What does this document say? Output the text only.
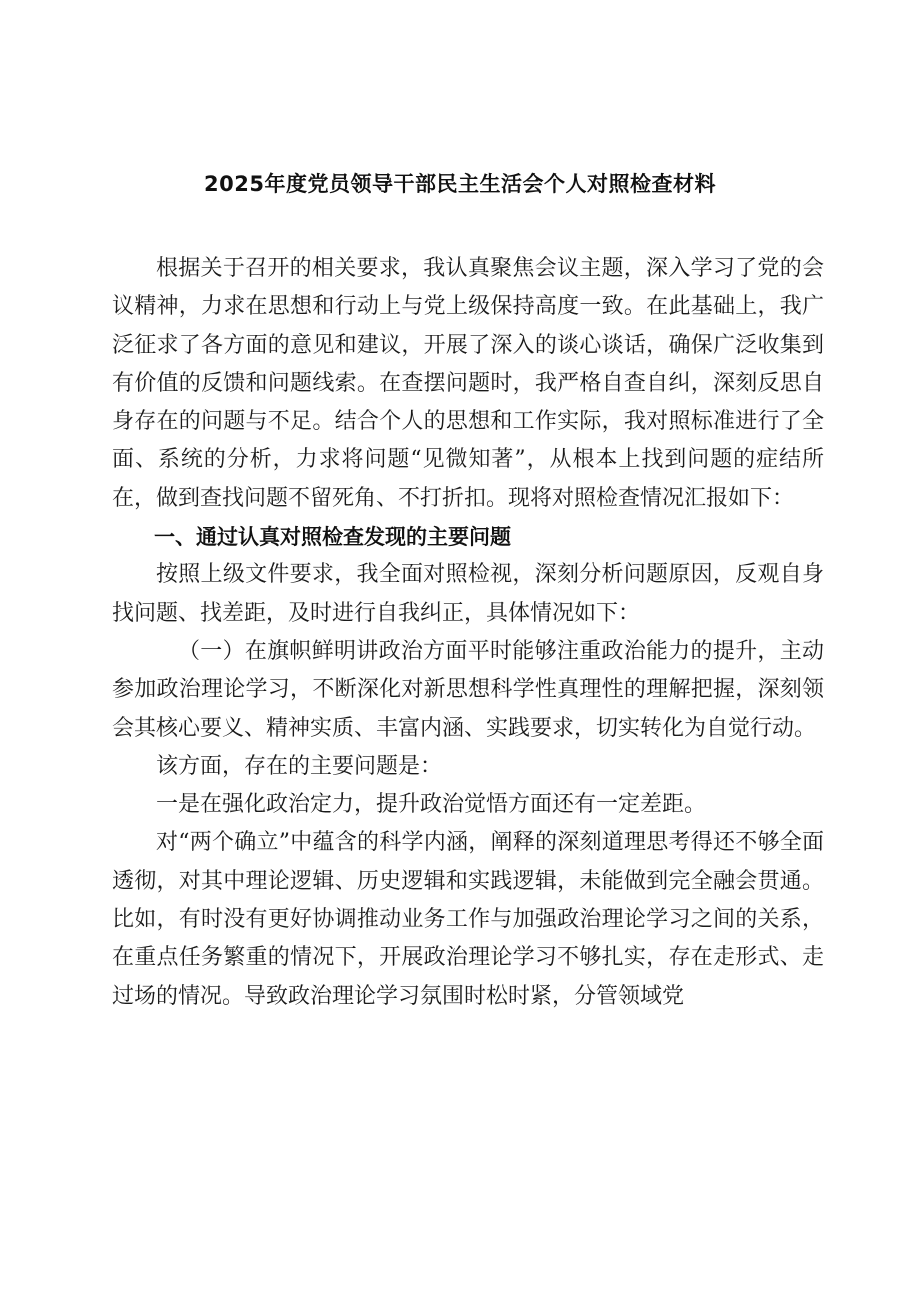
2025年度党员领导干部民主生活会个人对照检查材料

根据关于召开的相关要求，我认真聚焦会议主题，深入学习了党的会议精神，力求在思想和行动上与党上级保持高度一致。在此基础上，我广泛征求了各方面的意见和建议，开展了深入的谈心谈话，确保广泛收集到有价值的反馈和问题线索。在查摆问题时，我严格自查自纠，深刻反思自身存在的问题与不足。结合个人的思想和工作实际，我对照标准进行了全面、系统的分析，力求将问题“见微知著”，从根本上找到问题的症结所在，做到查找问题不留死角、不打折扣。现将对照检查情况汇报如下：

一、通过认真对照检查发现的主要问题

按照上级文件要求，我全面对照检视，深刻分析问题原因，反观自身找问题、找差距，及时进行自我纠正，具体情况如下：

（一）在旗帜鲜明讲政治方面平时能够注重政治能力的提升，主动参加政治理论学习，不断深化对新思想科学性真理性的理解把握，深刻领会其核心要义、精神实质、丰富内涵、实践要求，切实转化为自觉行动。

该方面，存在的主要问题是：

一是在强化政治定力，提升政治觉悟方面还有一定差距。

对“两个确立”中蕴含的科学内涵，阐释的深刻道理思考得还不够全面透彻，对其中理论逻辑、历史逻辑和实践逻辑，未能做到完全融会贯通。比如，有时没有更好协调推动业务工作与加强政治理论学习之间的关系，在重点任务繁重的情况下，开展政治理论学习不够扎实，存在走形式、走过场的情况。导致政治理论学习氛围时松时紧，分管领域党
